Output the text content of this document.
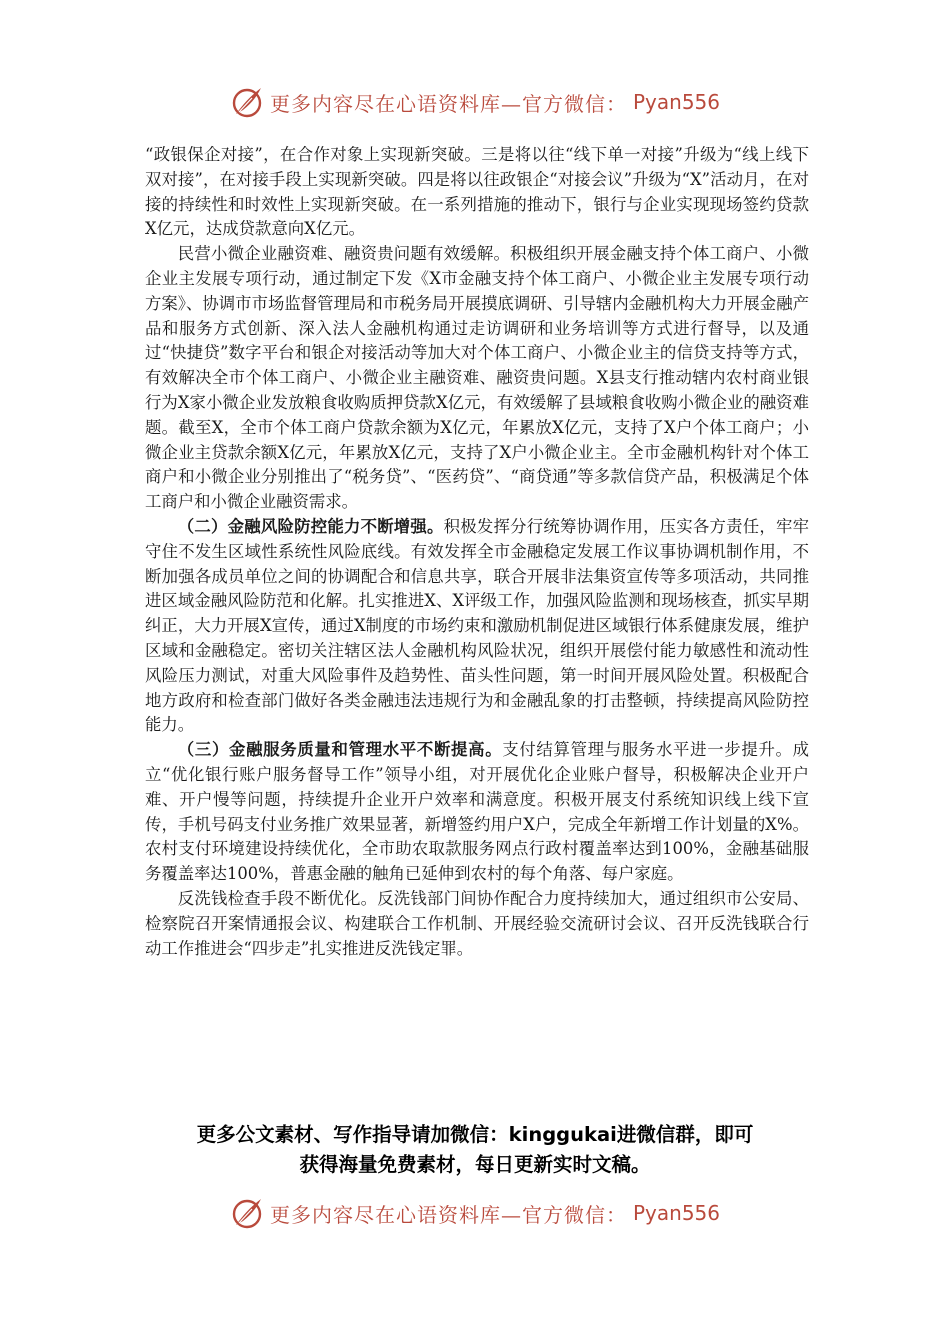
更多内容尽在心语资料库—官方微信： Pyan556

“政银保企对接”，在合作对象上实现新突破。三是将以往“线下单一对接”升级为“线上线下双对接”，在对接手段上实现新突破。四是将以往政银企“对接会议”升级为“X”活动月，在对接的持续性和时效性上实现新突破。在一系列措施的推动下，银行与企业实现现场签约贷款X亿元，达成贷款意向X亿元。

民营小微企业融资难、融资贵问题有效缓解。积极组织开展金融支持个体工商户、小微企业主发展专项行动，通过制定下发《X市金融支持个体工商户、小微企业主发展专项行动方案》、协调市市场监督管理局和市税务局开展摸底调研、引导辖内金融机构大力开展金融产品和服务方式创新、深入法人金融机构通过走访调研和业务培训等方式进行督导，以及通过“快捷贷”数字平台和银企对接活动等加大对个体工商户、小微企业主的信贷支持等方式，有效解决全市个体工商户、小微企业主融资难、融资贵问题。X县支行推动辖内农村商业银行为X家小微企业发放粮食收购质押贷款X亿元，有效缓解了县域粮食收购小微企业的融资难题。截至X，全市个体工商户贷款余额为X亿元，年累放X亿元，支持了X户个体工商户；小微企业主贷款余额X亿元，年累放X亿元，支持了X户小微企业主。全市金融机构针对个体工商户和小微企业分别推出了“税务贷”、“医药贷”、“商贷通”等多款信贷产品，积极满足个体工商户和小微企业融资需求。

（二）金融风险防控能力不断增强。积极发挥分行统筹协调作用，压实各方责任，牢牢守住不发生区域性系统性风险底线。有效发挥全市金融稳定发展工作议事协调机制作用，不断加强各成员单位之间的协调配合和信息共享，联合开展非法集资宣传等多项活动，共同推进区域金融风险防范和化解。扎实推进X、X评级工作，加强风险监测和现场核查，抓实早期纠正，大力开展X宣传，通过X制度的市场约束和激励机制促进区域银行体系健康发展，维护区域和金融稳定。密切关注辖区法人金融机构风险状况，组织开展偿付能力敏感性和流动性风险压力测试，对重大风险事件及趋势性、苗头性问题，第一时间开展风险处置。积极配合地方政府和检查部门做好各类金融违法违规行为和金融乱象的打击整顿，持续提高风险防控能力。

（三）金融服务质量和管理水平不断提高。支付结算管理与服务水平进一步提升。成立“优化银行账户服务督导工作”领导小组，对开展优化企业账户督导，积极解决企业开户难、开户慢等问题，持续提升企业开户效率和满意度。积极开展支付系统知识线上线下宣传，手机号码支付业务推广效果显著，新增签约用户X户，完成全年新增工作计划量的X%。农村支付环境建设持续优化，全市助农取款服务网点行政村覆盖率达到100%，金融基础服务覆盖率达100%，普惠金融的触角已延伸到农村的每个角落、每户家庭。

反洗钱检查手段不断优化。反洗钱部门间协作配合力度持续加大，通过组织市公安局、检察院召开案情通报会议、构建联合工作机制、开展经验交流研讨会议、召开反洗钱联合行动工作推进会“四步走”扎实推进反洗钱定罪。

更多公文素材、写作指导请加微信：kinggukai进微信群，即可
获得海量免费素材，每日更新实时文稿。
更多内容尽在心语资料库—官方微信： Pyan556
